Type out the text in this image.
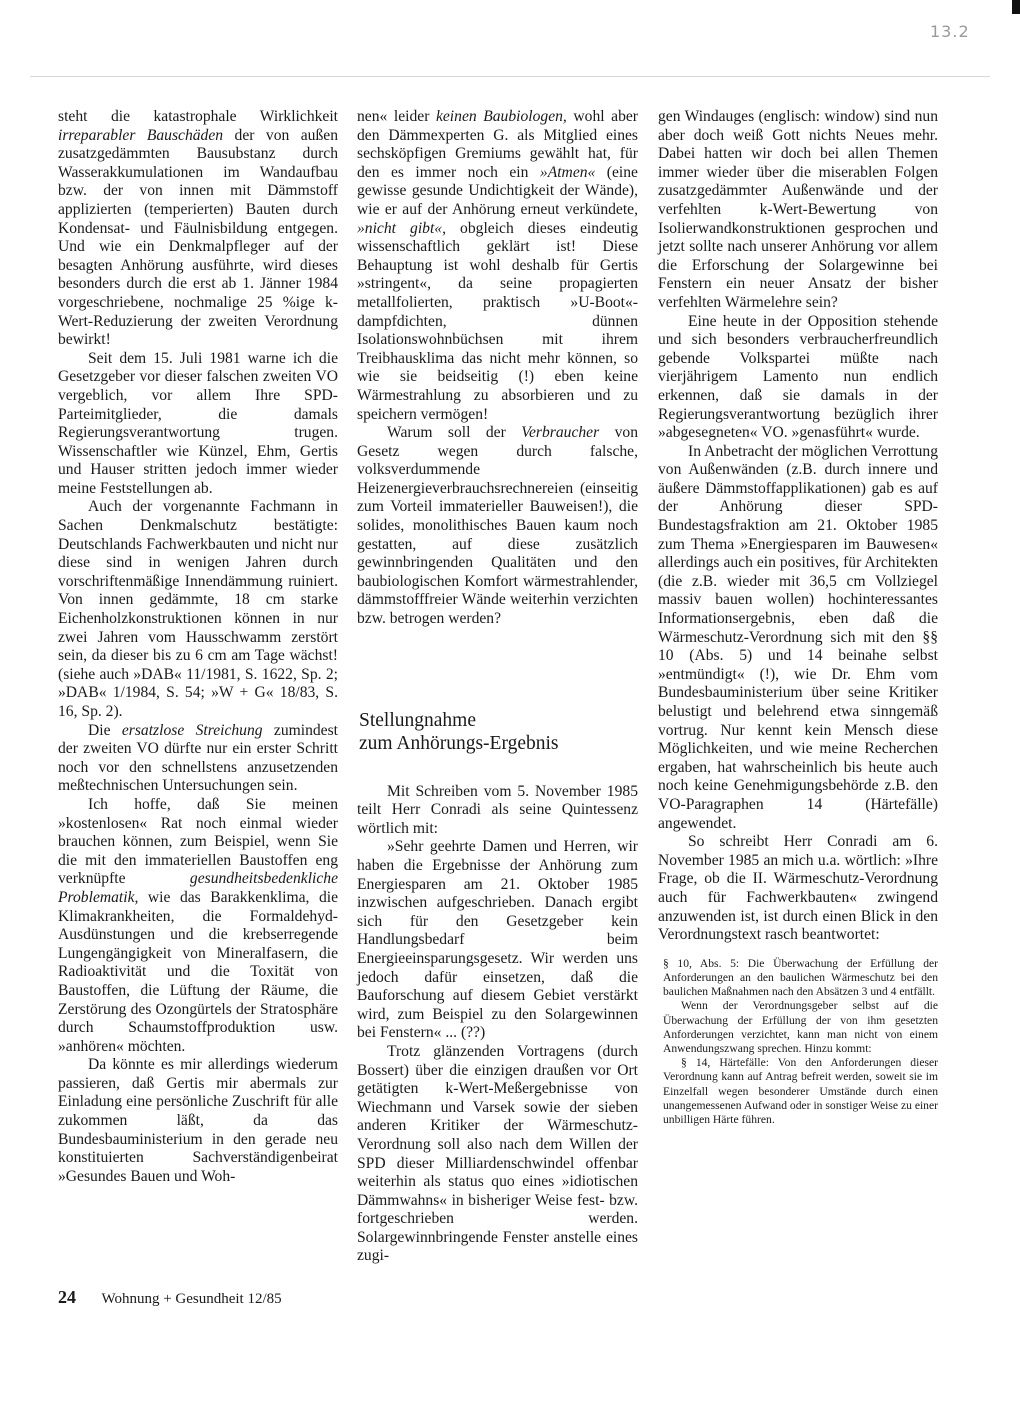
13.2

steht die katastrophale Wirklichkeit irreparabler Bauschäden der von außen zusatzgedämmten Bausubstanz durch Wasserakkumulationen im Wandaufbau bzw. der von innen mit Dämmstoff applizierten (temperierten) Bauten durch Kondensat- und Fäulnisbildung entgegen. Und wie ein Denkmalpfleger auf der besagten Anhörung ausführte, wird dieses besonders durch die erst ab 1. Jänner 1984 vorgeschriebene, nochmalige 25 %ige k-Wert-Reduzierung der zweiten Verordnung bewirkt!

Seit dem 15. Juli 1981 warne ich die Gesetzgeber vor dieser falschen zweiten VO vergeblich, vor allem Ihre SPD-Parteimitglieder, die damals Regierungsverantwortung trugen. Wissenschaftler wie Künzel, Ehm, Gertis und Hauser stritten jedoch immer wieder meine Feststellungen ab.

Auch der vorgenannte Fachmann in Sachen Denkmalschutz bestätigte: Deutschlands Fachwerkbauten und nicht nur diese sind in wenigen Jahren durch vorschriftenmäßige Innendämmung ruiniert. Von innen gedämmte, 18 cm starke Eichenholzkonstruktionen können in nur zwei Jahren vom Hausschwamm zerstört sein, da dieser bis zu 6 cm am Tage wächst! (siehe auch »DAB« 11/1981, S. 1622, Sp. 2; »DAB« 1/1984, S. 54; »W + G« 18/83, S. 16, Sp. 2).

Die ersatzlose Streichung zumindest der zweiten VO dürfte nur ein erster Schritt noch vor den schnellstens anzusetzenden meßtechnischen Untersuchungen sein.

Ich hoffe, daß Sie meinen »kostenlosen« Rat noch einmal wieder brauchen können, zum Beispiel, wenn Sie die mit den immateriellen Baustoffen eng verknüpfte gesundheitsbedenkliche Problematik, wie das Barakkenklima, die Klimakrankheiten, die Formaldehyd-Ausdünstungen und die krebserregende Lungengängigkeit von Mineralfasern, die Radioaktivität und die Toxität von Baustoffen, die Lüftung der Räume, die Zerstörung des Ozongürtels der Stratosphäre durch Schaumstoffproduktion usw. »anhören« möchten.

Da könnte es mir allerdings wiederum passieren, daß Gertis mir abermals zur Einladung eine persönliche Zuschrift für alle zukommen läßt, da das Bundesbauministerium in den gerade neu konstituierten Sachverständigenbeirat »Gesundes Bauen und Woh-

nen« leider keinen Baubiologen, wohl aber den Dämmexperten G. als Mitglied eines sechsköpfigen Gremiums gewählt hat, für den es immer noch ein »Atmen« (eine gewisse gesunde Undichtigkeit der Wände), wie er auf der Anhörung erneut verkündete, »nicht gibt«, obgleich dieses eindeutig wissenschaftlich geklärt ist! Diese Behauptung ist wohl deshalb für Gertis »stringent«, da seine propagierten metallfolierten, praktisch »U-Boot«-dampfdichten, dünnen Isolationswohnbüchsen mit ihrem Treibhausklima das nicht mehr können, so wie sie beidseitig (!) eben keine Wärmestrahlung zu absorbieren und zu speichern vermögen!

Warum soll der Verbraucher von Gesetz wegen durch falsche, volksverdummende Heizenergieverbrauchsrechnereien (einseitig zum Vorteil immaterieller Bauweisen!), die solides, monolithisches Bauen kaum noch gestatten, auf diese zusätzlich gewinnbringenden Qualitäten und den baubiologischen Komfort wärmestrahlender, dämmstofffreier Wände weiterhin verzichten bzw. betrogen werden?

Stellungnahme
zum Anhörungs-Ergebnis

Mit Schreiben vom 5. November 1985 teilt Herr Conradi als seine Quintessenz wörtlich mit:

»Sehr geehrte Damen und Herren, wir haben die Ergebnisse der Anhörung zum Energiesparen am 21. Oktober 1985 inzwischen aufgeschrieben. Danach ergibt sich für den Gesetzgeber kein Handlungsbedarf beim Energieeinsparungsgesetz. Wir werden uns jedoch dafür einsetzen, daß die Bauforschung auf diesem Gebiet verstärkt wird, zum Beispiel zu den Solargewinnen bei Fenstern« ... (??)

Trotz glänzenden Vortragens (durch Bossert) über die einzigen draußen vor Ort getätigten k-Wert-Meßergebnisse von Wiechmann und Varsek sowie der sieben anderen Kritiker der Wärmeschutz-Verordnung soll also nach dem Willen der SPD dieser Milliardenschwindel offenbar weiterhin als status quo eines »idiotischen Dämmwahns« in bisheriger Weise fest- bzw. fortgeschrieben werden. Solargewinnbringende Fenster anstelle eines zugi-

gen Windauges (englisch: window) sind nun aber doch weiß Gott nichts Neues mehr. Dabei hatten wir doch bei allen Themen immer wieder über die miserablen Folgen zusatzgedämmter Außenwände und der verfehlten k-Wert-Bewertung von Isolierwandkonstruktionen gesprochen und jetzt sollte nach unserer Anhörung vor allem die Erforschung der Solargewinne bei Fenstern ein neuer Ansatz der bisher verfehlten Wärmelehre sein?

Eine heute in der Opposition stehende und sich besonders verbraucherfreundlich gebende Volkspartei müßte nach vierjährigem Lamento nun endlich erkennen, daß sie damals in der Regierungsverantwortung bezüglich ihrer »abgesegneten« VO. »genasführt« wurde.

In Anbetracht der möglichen Verrottung von Außenwänden (z.B. durch innere und äußere Dämmstoffapplikationen) gab es auf der Anhörung dieser SPD-Bundestagsfraktion am 21. Oktober 1985 zum Thema »Energiesparen im Bauwesen« allerdings auch ein positives, für Architekten (die z.B. wieder mit 36,5 cm Vollziegel massiv bauen wollen) hochinteressantes Informationsergebnis, eben daß die Wärmeschutz-Verordnung sich mit den §§ 10 (Abs. 5) und 14 beinahe selbst »entmündigt« (!), wie Dr. Ehm vom Bundesbauministerium über seine Kritiker belustigt und belehrend etwa sinngemäß vortrug. Nur kennt kein Mensch diese Möglichkeiten, und wie meine Recherchen ergaben, hat wahrscheinlich bis heute auch noch keine Genehmigungsbehörde z.B. den VO-Paragraphen 14 (Härtefälle) angewendet.

So schreibt Herr Conradi am 6. November 1985 an mich u.a. wörtlich: »Ihre Frage, ob die II. Wärmeschutz-Verordnung auch für Fachwerkbauten« zwingend anzuwenden ist, ist durch einen Blick in den Verordnungstext rasch beantwortet:

§ 10, Abs. 5: Die Überwachung der Erfüllung der Anforderungen an den baulichen Wärmeschutz bei den baulichen Maßnahmen nach den Absätzen 3 und 4 entfällt.

Wenn der Verordnungsgeber selbst auf die Überwachung der Erfüllung der von ihm gesetzten Anforderungen verzichtet, kann man nicht von einem Anwendungszwang sprechen. Hinzu kommt:

§ 14, Härtefälle: Von den Anforderungen dieser Verordnung kann auf Antrag befreit werden, soweit sie im Einzelfall wegen besonderer Umstände durch einen unangemessenen Aufwand oder in sonstiger Weise zu einer unbilligen Härte führen.

24 Wohnung + Gesundheit 12/85
